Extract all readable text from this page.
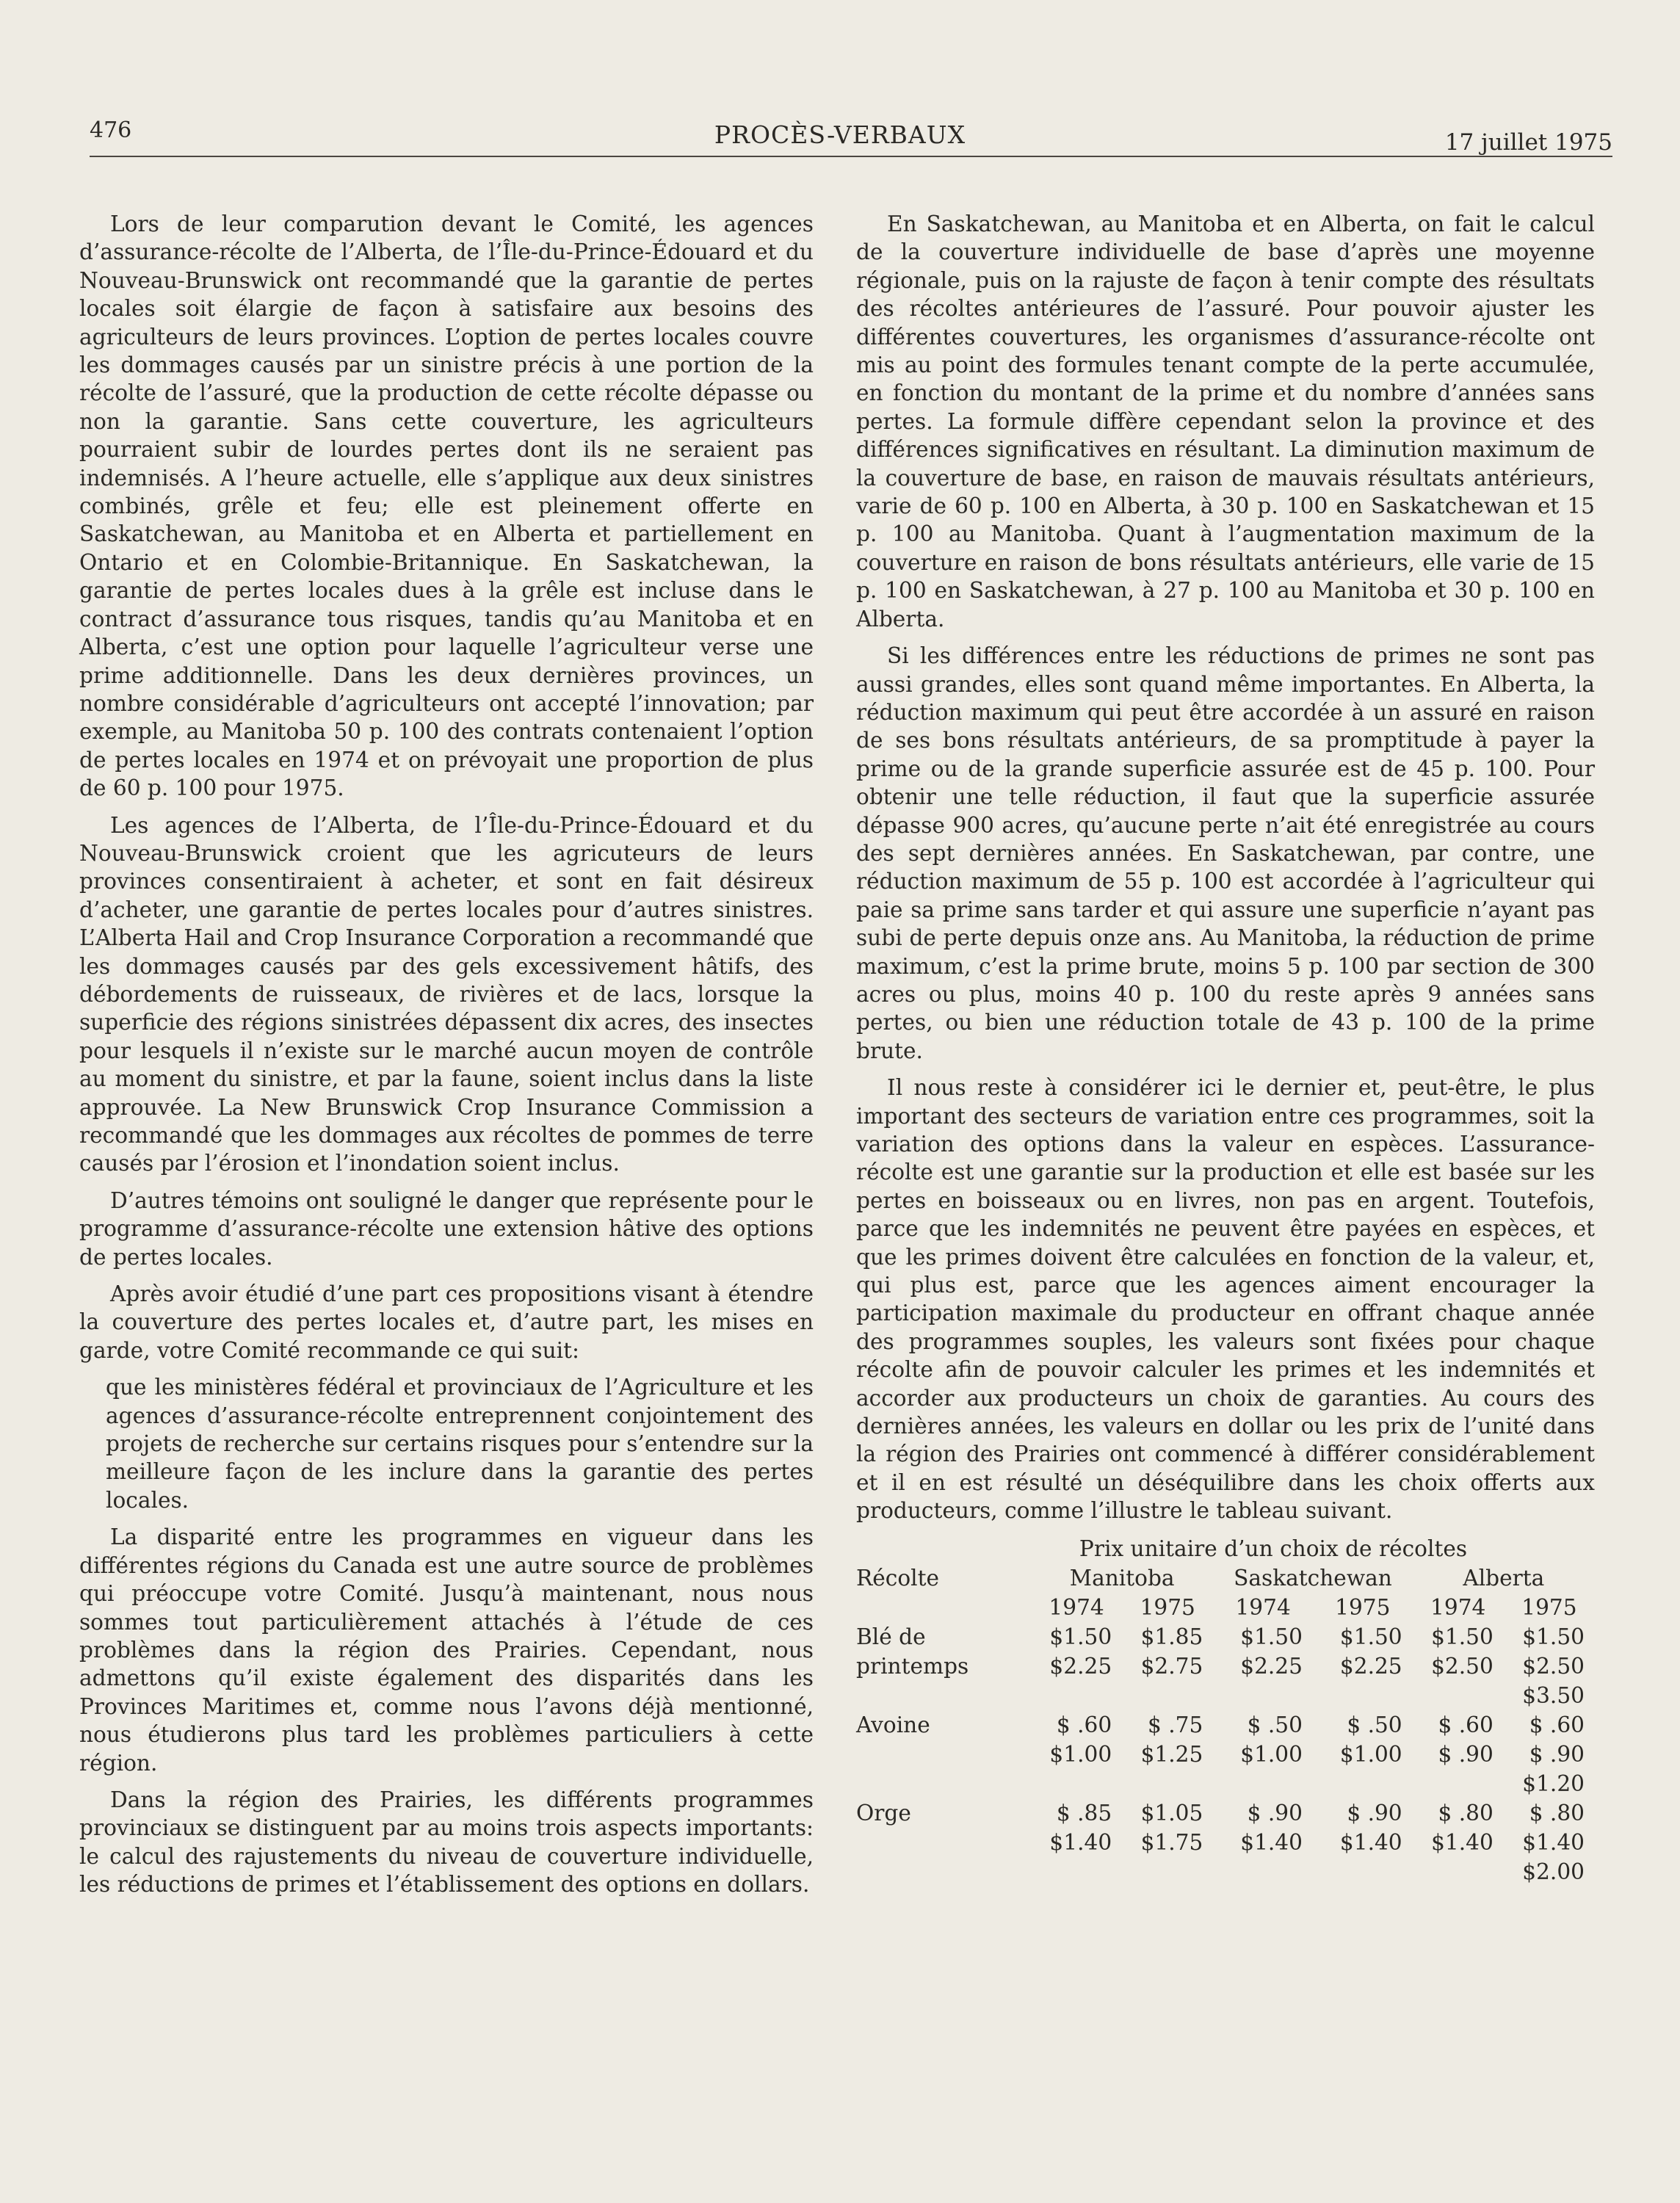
476	PROCÈS-VERBAUX	17 juillet 1975

Lors de leur comparution devant le Comité, les agences d’assurance-récolte de l’Alberta, de l’Île-du-Prince-Édouard et du Nouveau-Brunswick ont recommandé que la garantie de pertes locales soit élargie de façon à satisfaire aux besoins des agriculteurs de leurs provinces. L’option de pertes locales couvre les dommages causés par un sinistre précis à une portion de la récolte de l’assuré, que la production de cette récolte dépasse ou non la garantie. Sans cette couverture, les agriculteurs pourraient subir de lourdes pertes dont ils ne seraient pas indemnisés. A l’heure actuelle, elle s’applique aux deux sinistres combinés, grêle et feu; elle est pleinement offerte en Saskatchewan, au Manitoba et en Alberta et partiellement en Ontario et en Colombie-Britannique. En Saskatchewan, la garantie de pertes locales dues à la grêle est incluse dans le contract d’assurance tous risques, tandis qu’au Manitoba et en Alberta, c’est une option pour laquelle l’agriculteur verse une prime additionnelle. Dans les deux dernières provinces, un nombre considérable d’agriculteurs ont accepté l’innovation; par exemple, au Manitoba 50 p. 100 des contrats contenaient l’option de pertes locales en 1974 et on prévoyait une proportion de plus de 60 p. 100 pour 1975.

Les agences de l’Alberta, de l’Île-du-Prince-Édouard et du Nouveau-Brunswick croient que les agricuteurs de leurs provinces consentiraient à acheter, et sont en fait désireux d’acheter, une garantie de pertes locales pour d’autres sinistres. L’Alberta Hail and Crop Insurance Corporation a recommandé que les dommages causés par des gels excessivement hâtifs, des débordements de ruisseaux, de rivières et de lacs, lorsque la superficie des régions sinistrées dépassent dix acres, des insectes pour lesquels il n’existe sur le marché aucun moyen de contrôle au moment du sinistre, et par la faune, soient inclus dans la liste approuvée. La New Brunswick Crop Insurance Commission a recommandé que les dommages aux récoltes de pommes de terre causés par l’érosion et l’inondation soient inclus.

D’autres témoins ont souligné le danger que représente pour le programme d’assurance-récolte une extension hâtive des options de pertes locales.

Après avoir étudié d’une part ces propositions visant à étendre la couverture des pertes locales et, d’autre part, les mises en garde, votre Comité recommande ce qui suit:

que les ministères fédéral et provinciaux de l’Agriculture et les agences d’assurance-récolte entreprennent conjointement des projets de recherche sur certains risques pour s’entendre sur la meilleure façon de les inclure dans la garantie des pertes locales.

La disparité entre les programmes en vigueur dans les différentes régions du Canada est une autre source de problèmes qui préoccupe votre Comité. Jusqu’à maintenant, nous nous sommes tout particulièrement attachés à l’étude de ces problèmes dans la région des Prairies. Cependant, nous admettons qu’il existe également des disparités dans les Provinces Maritimes et, comme nous l’avons déjà mentionné, nous étudierons plus tard les problèmes particuliers à cette région.

Dans la région des Prairies, les différents programmes provinciaux se distinguent par au moins trois aspects importants: le calcul des rajustements du niveau de couverture individuelle, les réductions de primes et l’établissement des options en dollars.

En Saskatchewan, au Manitoba et en Alberta, on fait le calcul de la couverture individuelle de base d’après une moyenne régionale, puis on la rajuste de façon à tenir compte des résultats des récoltes antérieures de l’assuré. Pour pouvoir ajuster les différentes couvertures, les organismes d’assurance-récolte ont mis au point des formules tenant compte de la perte accumulée, en fonction du montant de la prime et du nombre d’années sans pertes. La formule diffère cependant selon la province et des différences significatives en résultant. La diminution maximum de la couverture de base, en raison de mauvais résultats antérieurs, varie de 60 p. 100 en Alberta, à 30 p. 100 en Saskatchewan et 15 p. 100 au Manitoba. Quant à l’augmentation maximum de la couverture en raison de bons résultats antérieurs, elle varie de 15 p. 100 en Saskatchewan, à 27 p. 100 au Manitoba et 30 p. 100 en Alberta.

Si les différences entre les réductions de primes ne sont pas aussi grandes, elles sont quand même importantes. En Alberta, la réduction maximum qui peut être accordée à un assuré en raison de ses bons résultats antérieurs, de sa promptitude à payer la prime ou de la grande superficie assurée est de 45 p. 100. Pour obtenir une telle réduction, il faut que la superficie assurée dépasse 900 acres, qu’aucune perte n’ait été enregistrée au cours des sept dernières années. En Saskatchewan, par contre, une réduction maximum de 55 p. 100 est accordée à l’agriculteur qui paie sa prime sans tarder et qui assure une superficie n’ayant pas subi de perte depuis onze ans. Au Manitoba, la réduction de prime maximum, c’est la prime brute, moins 5 p. 100 par section de 300 acres ou plus, moins 40 p. 100 du reste après 9 années sans pertes, ou bien une réduction totale de 43 p. 100 de la prime brute.

Il nous reste à considérer ici le dernier et, peut-être, le plus important des secteurs de variation entre ces programmes, soit la variation des options dans la valeur en espèces. L’assurance-récolte est une garantie sur la production et elle est basée sur les pertes en boisseaux ou en livres, non pas en argent. Toutefois, parce que les indemnités ne peuvent être payées en espèces, et que les primes doivent être calculées en fonction de la valeur, et, qui plus est, parce que les agences aiment encourager la participation maximale du producteur en offrant chaque année des programmes souples, les valeurs sont fixées pour chaque récolte afin de pouvoir calculer les primes et les indemnités et accorder aux producteurs un choix de garanties. Au cours des dernières années, les valeurs en dollar ou les prix de l’unité dans la région des Prairies ont commencé à différer considérablement et il en est résulté un déséquilibre dans les choix offerts aux producteurs, comme l’illustre le tableau suivant.

Prix unitaire d’un choix de récoltes
Récolte	Manitoba		Saskatchewan		Alberta	
	1974	1975	1974	1975	1974	1975
Blé de	$1.50	$1.85	$1.50	$1.50	$1.50	$1.50
printemps	$2.25	$2.75	$2.25	$2.25	$2.50	$2.50
						$3.50
Avoine	$ .60	$ .75	$ .50	$ .50	$ .60	$ .60
	$1.00	$1.25	$1.00	$1.00	$ .90	$ .90
						$1.20
Orge	$ .85	$1.05	$ .90	$ .90	$ .80	$ .80
	$1.40	$1.75	$1.40	$1.40	$1.40	$1.40
						$2.00
